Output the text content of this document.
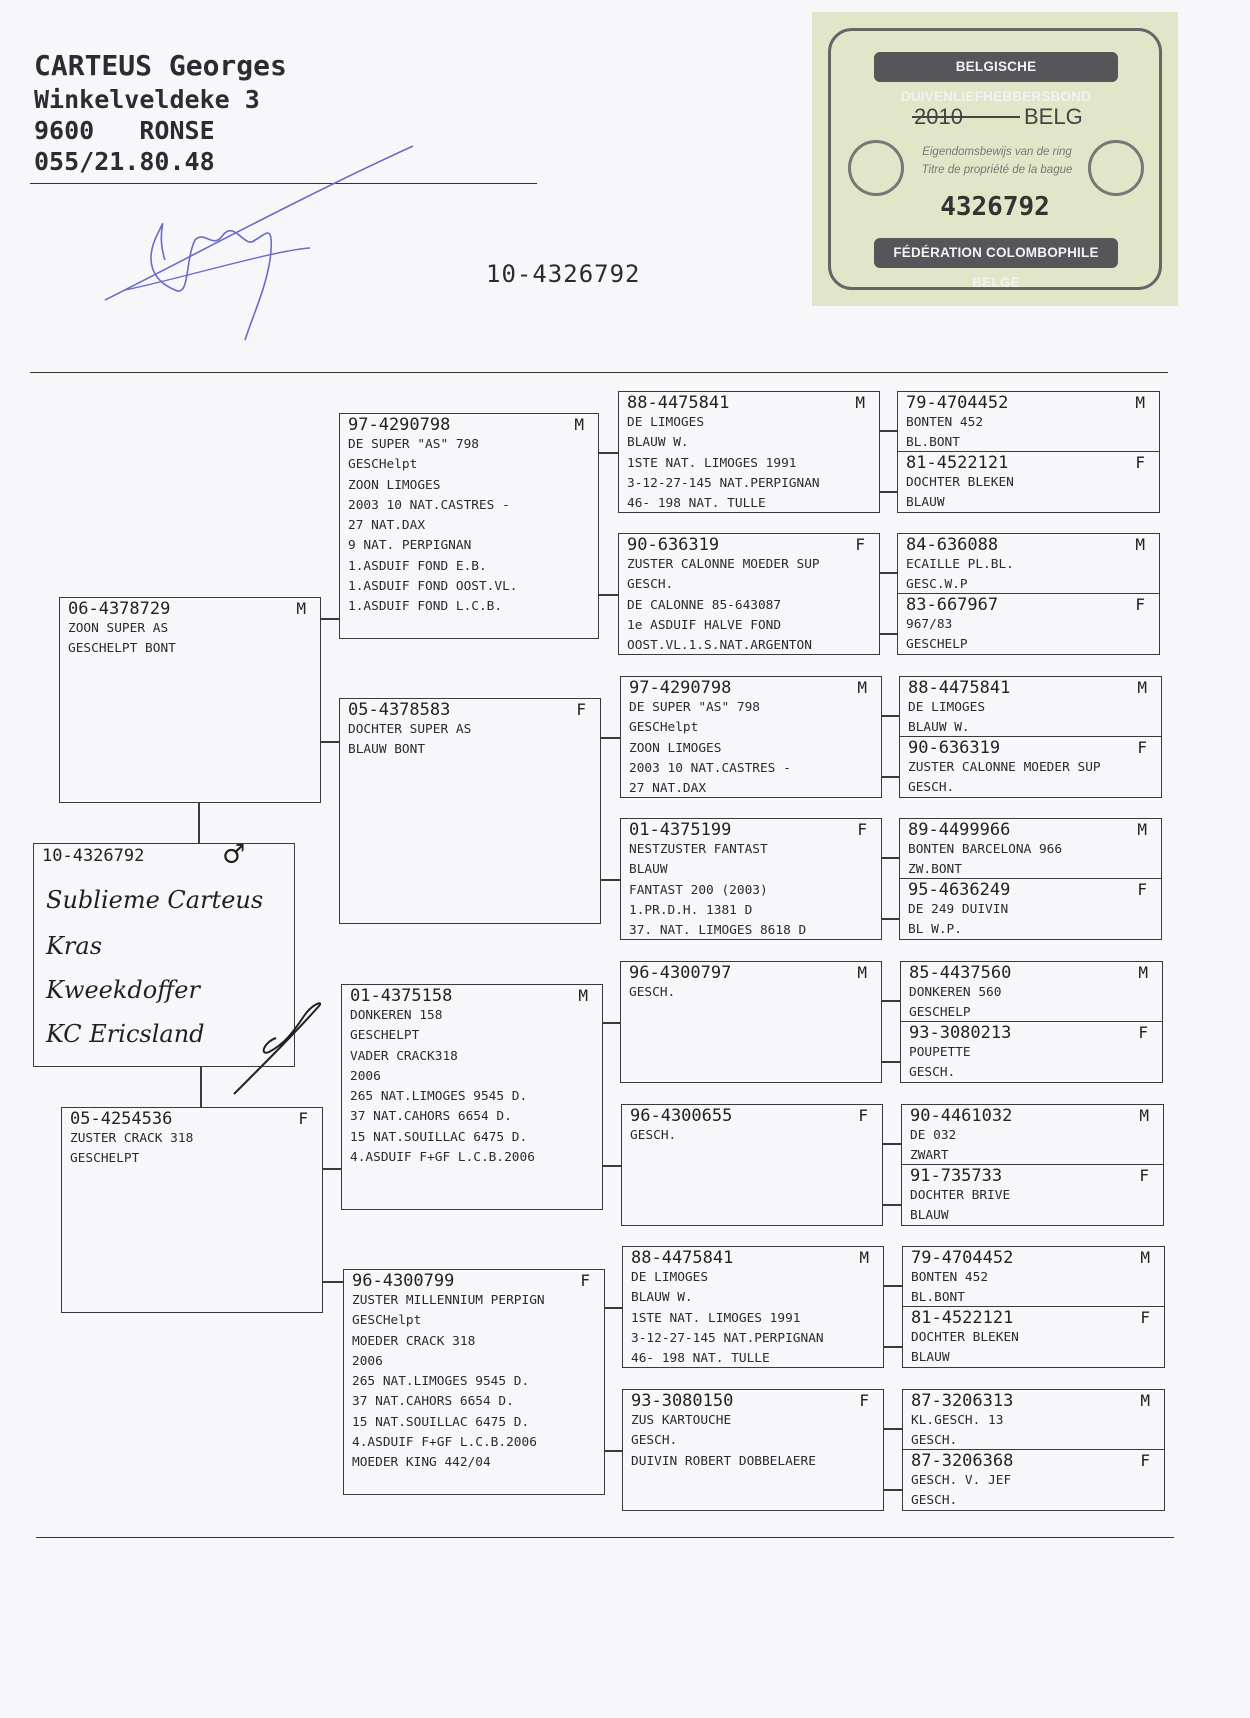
CARTEUS Georges
Winkelveldeke 3
9600   RONSE
055/21.80.48
10-4326792
BELGISCHE DUIVENLIEFHEBBERSBOND
2010	BELG
Eigendomsbewijs van de ring
Titre de propriété de la bague
4326792
FÉDÉRATION COLOMBOPHILE BELGE
10-4326792	♂
Sublieme Carteus
Kras
Kweekdoffer
KC Ericsland
06-4378729	M
ZOON SUPER AS
GESCHELPT BONT
05-4254536	F
ZUSTER CRACK 318
GESCHELPT
97-4290798	M
DE SUPER "AS" 798
GESCHelpt
ZOON LIMOGES
2003 10 NAT.CASTRES -
27 NAT.DAX
9 NAT. PERPIGNAN
1.ASDUIF FOND E.B.
1.ASDUIF FOND OOST.VL.
1.ASDUIF FOND L.C.B.
05-4378583	F
DOCHTER SUPER AS
BLAUW BONT
01-4375158	M
DONKEREN 158
GESCHELPT
VADER CRACK318
2006
265 NAT.LIMOGES 9545 D.
37 NAT.CAHORS 6654 D.
15 NAT.SOUILLAC 6475 D.
4.ASDUIF F+GF L.C.B.2006
96-4300799	F
ZUSTER MILLENNIUM PERPIGN
GESCHelpt
MOEDER CRACK 318
2006
265 NAT.LIMOGES 9545 D.
37 NAT.CAHORS 6654 D.
15 NAT.SOUILLAC 6475 D.
4.ASDUIF F+GF L.C.B.2006
MOEDER KING 442/04
88-4475841	M
DE LIMOGES
BLAUW W.
1STE NAT. LIMOGES 1991
3-12-27-145 NAT.PERPIGNAN
46- 198 NAT. TULLE
90-636319	F
ZUSTER CALONNE MOEDER SUP
GESCH.
DE CALONNE 85-643087
1e ASDUIF HALVE FOND
OOST.VL.1.S.NAT.ARGENTON
97-4290798	M
DE SUPER "AS" 798
GESCHelpt
ZOON LIMOGES
2003 10 NAT.CASTRES -
27 NAT.DAX
01-4375199	F
NESTZUSTER FANTAST
BLAUW
FANTAST 200 (2003)
1.PR.D.H. 1381 D
37. NAT. LIMOGES 8618 D
96-4300797	M
GESCH.
96-4300655	F
GESCH.
88-4475841	M
DE LIMOGES
BLAUW W.
1STE NAT. LIMOGES 1991
3-12-27-145 NAT.PERPIGNAN
46- 198 NAT. TULLE
93-3080150	F
ZUS KARTOUCHE
GESCH.
DUIVIN ROBERT DOBBELAERE
79-4704452	M
BONTEN 452
BL.BONT
81-4522121	F
DOCHTER BLEKEN
BLAUW
84-636088	M
ECAILLE PL.BL.
GESC.W.P
83-667967	F
967/83
GESCHELP
88-4475841	M
DE LIMOGES
BLAUW W.
90-636319	F
ZUSTER CALONNE MOEDER SUP
GESCH.
89-4499966	M
BONTEN BARCELONA 966
ZW.BONT
95-4636249	F
DE 249 DUIVIN
BL W.P.
85-4437560	M
DONKEREN 560
GESCHELP
93-3080213	F
POUPETTE
GESCH.
90-4461032	M
DE 032
ZWART
91-735733	F
DOCHTER BRIVE
BLAUW
79-4704452	M
BONTEN 452
BL.BONT
81-4522121	F
DOCHTER BLEKEN
BLAUW
87-3206313	M
KL.GESCH. 13
GESCH.
87-3206368	F
GESCH. V. JEF
GESCH.
